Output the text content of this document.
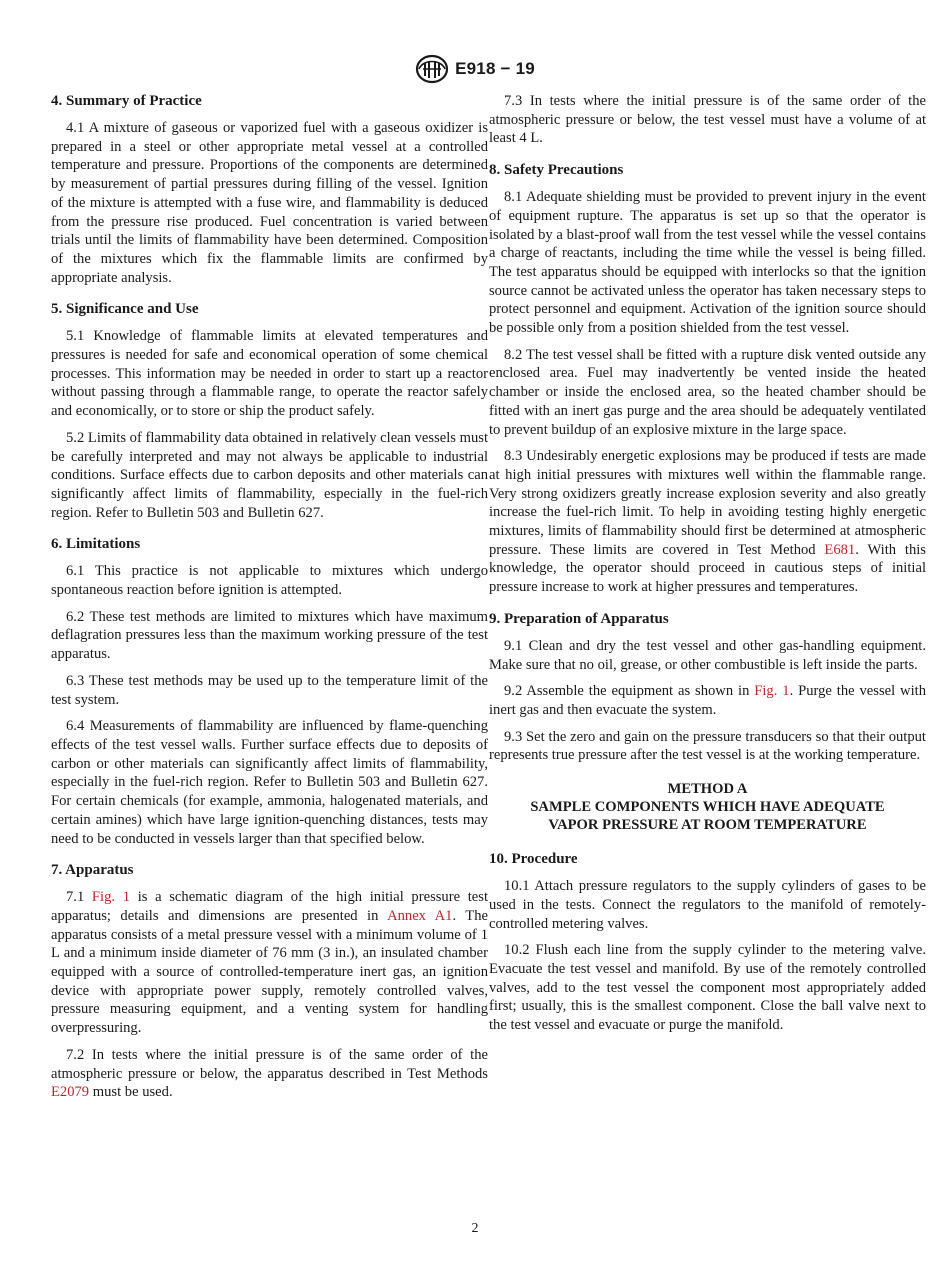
E918 − 19
4. Summary of Practice

4.1 A mixture of gaseous or vaporized fuel with a gaseous oxidizer is prepared in a steel or other appropriate metal vessel at a controlled temperature and pressure. Proportions of the components are determined by measurement of partial pressures during filling of the vessel. Ignition of the mixture is attempted with a fuse wire, and flammability is deduced from the pressure rise produced. Fuel concentration is varied between trials until the limits of flammability have been determined. Composition of the mixtures which fix the flammable limits are confirmed by appropriate analysis.

5. Significance and Use

5.1 Knowledge of flammable limits at elevated temperatures and pressures is needed for safe and economical operation of some chemical processes. This information may be needed in order to start up a reactor without passing through a flammable range, to operate the reactor safely and economically, or to store or ship the product safely.

5.2 Limits of flammability data obtained in relatively clean vessels must be carefully interpreted and may not always be applicable to industrial conditions. Surface effects due to carbon deposits and other materials can significantly affect limits of flammability, especially in the fuel-rich region. Refer to Bulletin 503 and Bulletin 627.

6. Limitations

6.1 This practice is not applicable to mixtures which undergo spontaneous reaction before ignition is attempted.

6.2 These test methods are limited to mixtures which have maximum deflagration pressures less than the maximum working pressure of the test apparatus.

6.3 These test methods may be used up to the temperature limit of the test system.

6.4 Measurements of flammability are influenced by flame-quenching effects of the test vessel walls. Further surface effects due to deposits of carbon or other materials can significantly affect limits of flammability, especially in the fuel-rich region. Refer to Bulletin 503 and Bulletin 627. For certain chemicals (for example, ammonia, halogenated materials, and certain amines) which have large ignition-quenching distances, tests may need to be conducted in vessels larger than that specified below.

7. Apparatus

7.1 Fig. 1 is a schematic diagram of the high initial pressure test apparatus; details and dimensions are presented in Annex A1. The apparatus consists of a metal pressure vessel with a minimum volume of 1 L and a minimum inside diameter of 76 mm (3 in.), an insulated chamber equipped with a source of controlled-temperature inert gas, an ignition device with appropriate power supply, remotely controlled valves, pressure measuring equipment, and a venting system for handling overpressuring.

7.2 In tests where the initial pressure is of the same order of the atmospheric pressure or below, the apparatus described in Test Methods E2079 must be used.

7.3 In tests where the initial pressure is of the same order of the atmospheric pressure or below, the test vessel must have a volume of at least 4 L.

8. Safety Precautions

8.1 Adequate shielding must be provided to prevent injury in the event of equipment rupture. The apparatus is set up so that the operator is isolated by a blast-proof wall from the test vessel while the vessel contains a charge of reactants, including the time while the vessel is being filled. The test apparatus should be equipped with interlocks so that the ignition source cannot be activated unless the operator has taken necessary steps to protect personnel and equipment. Activation of the ignition source should be possible only from a position shielded from the test vessel.

8.2 The test vessel shall be fitted with a rupture disk vented outside any enclosed area. Fuel may inadvertently be vented inside the heated chamber or inside the enclosed area, so the heated chamber should be fitted with an inert gas purge and the area should be adequately ventilated to prevent buildup of an explosive mixture in the large space.

8.3 Undesirably energetic explosions may be produced if tests are made at high initial pressures with mixtures well within the flammable range. Very strong oxidizers greatly increase explosion severity and also greatly increase the fuel-rich limit. To help in avoiding testing highly energetic mixtures, limits of flammability should first be determined at atmospheric pressure. These limits are covered in Test Method E681. With this knowledge, the operator should proceed in cautious steps of initial pressure increase to work at higher pressures and temperatures.

9. Preparation of Apparatus

9.1 Clean and dry the test vessel and other gas-handling equipment. Make sure that no oil, grease, or other combustible is left inside the parts.

9.2 Assemble the equipment as shown in Fig. 1. Purge the vessel with inert gas and then evacuate the system.

9.3 Set the zero and gain on the pressure transducers so that their output represents true pressure after the test vessel is at the working temperature.

METHOD A
SAMPLE COMPONENTS WHICH HAVE ADEQUATE
VAPOR PRESSURE AT ROOM TEMPERATURE
10. Procedure

10.1 Attach pressure regulators to the supply cylinders of gases to be used in the tests. Connect the regulators to the manifold of remotely-controlled metering valves.

10.2 Flush each line from the supply cylinder to the metering valve. Evacuate the test vessel and manifold. By use of the remotely controlled valves, add to the test vessel the component most appropriately added first; usually, this is the smallest component. Close the ball valve next to the test vessel and evacuate or purge the manifold.

2
